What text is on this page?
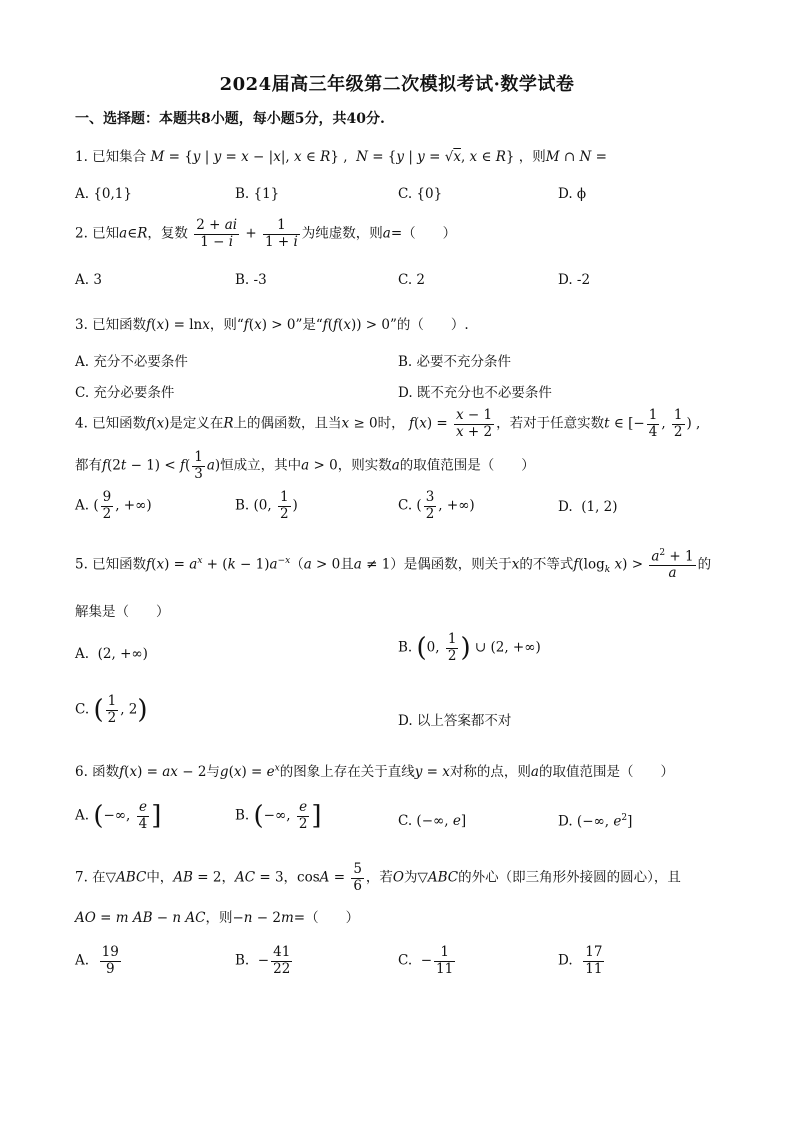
2024届高三年级第二次模拟考试·数学试卷
一、选择题：本题共8小题，每小题5分，共40分.
1. 已知集合 M = {y | y = x − |x|, x ∈ R} ,  N = {y | y = √x, x ∈ R} ，则M ∩ N =
A. {0,1}	B. {1}	C. {0}	D. ϕ
2. 已知a∈R，复数 $\frac{2 + ai}{1 - i} + \frac{1}{1 + i}$ 为纯虚数，则a=（　　）
A. 3	B. -3	C. 2	D. -2
3. 已知函数f(x) = lnx，则“f(x) > 0”是“f(f(x)) > 0”的（　　）.
A. 充分不必要条件	B. 必要不充分条件
C. 充分必要条件	D. 既不充分也不必要条件
4. 已知函数f(x)是定义在R上的偶函数，且当x ≥ 0时， $f(x) = \frac{x - 1}{x + 2}$ ，若对于任意实数t ∈ [− $\frac{1}{4}$ , $\frac{1}{2}$ ) ,
都有$f(2t - 1) < f( \frac{1}{3} a)$恒成立，其中a > 0，则实数a的取值范围是（　　）
A. ( $\frac{9}{2}$ , +∞)	B. (0, $\frac{1}{2}$ )	C. ( $\frac{3}{2}$ , +∞)	D.  (1, 2)
5. 已知函数$f(x) = a^x + (k - 1)a^{-x}(a > 0$且a ≠ 1）是偶函数，则关于x的不等式$f(\log_k$ $x) > \frac{a^2 + 1}{a}$ 的
解集是（　　）
A.  (2, +∞)	B. (0, $\frac{1}{2}$ ) ∪ (2, +∞)
C. ( $\frac{1}{2}$ , 2)	D. 以上答案都不对
6. 函数f(x) = ax − 2与$g(x) = e^x$的图象上存在关于直线y = x对称的点，则a的取值范围是（　　）
A. (−∞, $\frac{e}{4}$ ]	B. (−∞, $\frac{e}{2}$ ]	C. (−∞, e]	D. (−∞, $e^2$]
7. 在▽ABC中，AB = 2，AC = 3，$\cos A = \frac{5}{6}$ ，若O为▽ABC的外心（即三角形外接圆的圆心），且
AO = m AB − n AC，则−n − 2m=（　　）
A. $\frac{19}{9}$	B.  − $\frac{41}{22}$	C.  − $\frac{1}{11}$	D. $\frac{17}{11}$
